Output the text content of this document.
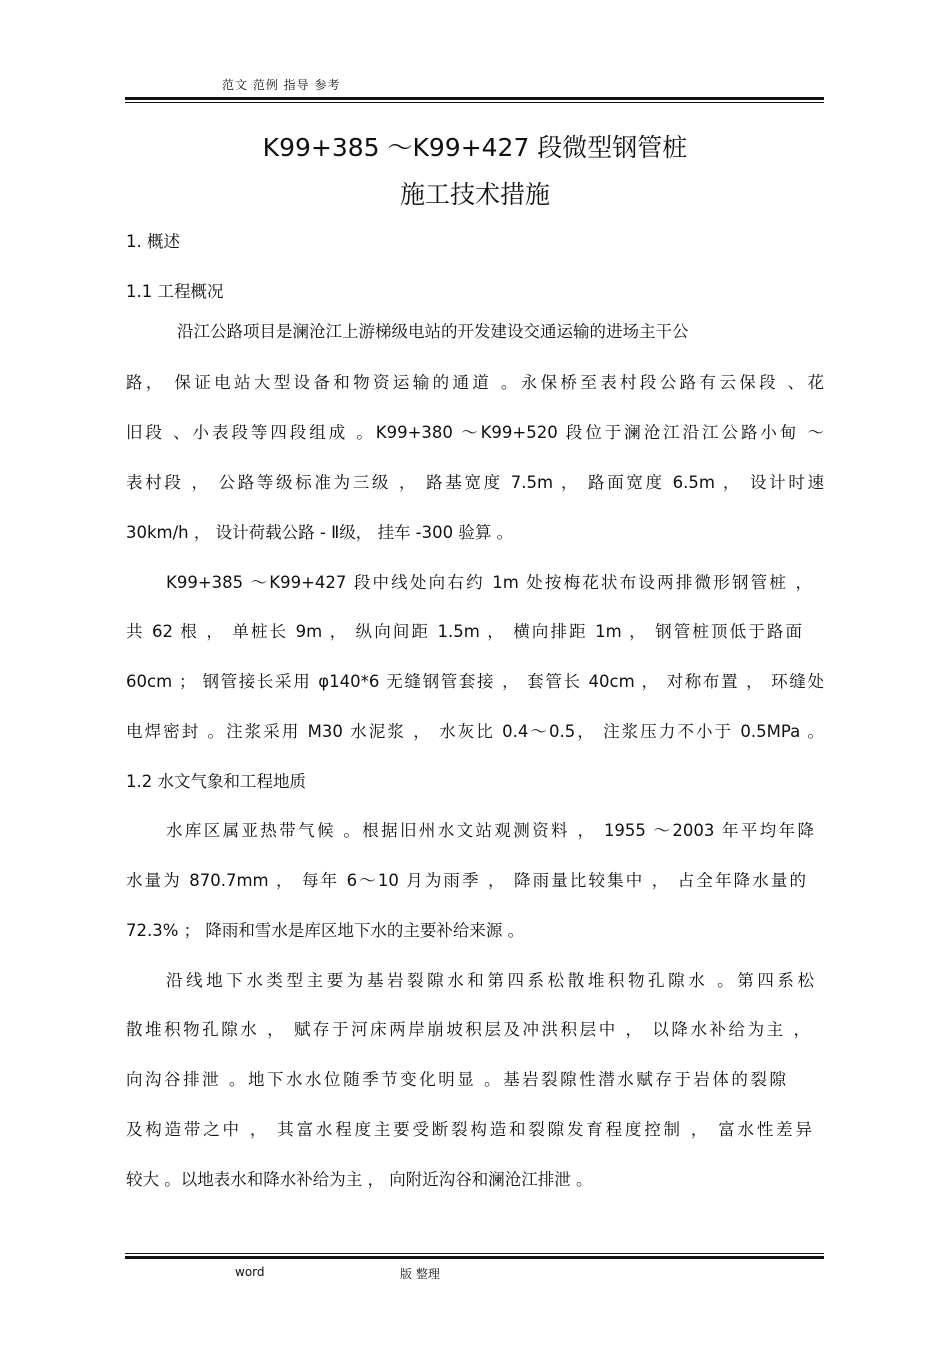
范文 范例 指导 参考
K99+385 ～K99+427 段微型钢管桩
施工技术措施
1. 概述
1.1 工程概况
沿江公路项目是澜沧江上游梯级电站的开发建设交通运输的进场主干公
路， 保证电站大型设备和物资运输的通道 。永保桥至表村段公路有云保段 、花
旧段 、小表段等四段组成 。K99+380 ～K99+520 段位于澜沧江沿江公路小甸 ～
表村段 ， 公路等级标准为三级 ， 路基宽度 7.5m ， 路面宽度 6.5m ， 设计时速
30km/h ， 设计荷载公路 - Ⅱ级， 挂车 -300 验算 。
K99+385 ～K99+427 段中线处向右约 1m 处按梅花状布设两排微形钢管桩 ，
共 62 根 ， 单桩长 9m ， 纵向间距 1.5m ， 横向排距 1m ， 钢管桩顶低于路面
60cm ； 钢管接长采用 φ140*6 无缝钢管套接 ， 套管长 40cm ， 对称布置 ， 环缝处
电焊密封 。注浆采用 M30 水泥浆 ， 水灰比 0.4～0.5， 注浆压力不小于 0.5MPa 。
1.2 水文气象和工程地质
水库区属亚热带气候 。根据旧州水文站观测资料 ， 1955 ～2003 年平均年降
水量为 870.7mm ， 每年 6～10 月为雨季 ， 降雨量比较集中 ， 占全年降水量的
72.3% ； 降雨和雪水是库区地下水的主要补给来源 。
沿线地下水类型主要为基岩裂隙水和第四系松散堆积物孔隙水 。第四系松
散堆积物孔隙水 ， 赋存于河床两岸崩坡积层及冲洪积层中 ， 以降水补给为主 ，
向沟谷排泄 。地下水水位随季节变化明显 。基岩裂隙性潜水赋存于岩体的裂隙
及构造带之中 ， 其富水程度主要受断裂构造和裂隙发育程度控制 ， 富水性差异
较大 。以地表水和降水补给为主 ， 向附近沟谷和澜沧江排泄 。
word	版 整理
